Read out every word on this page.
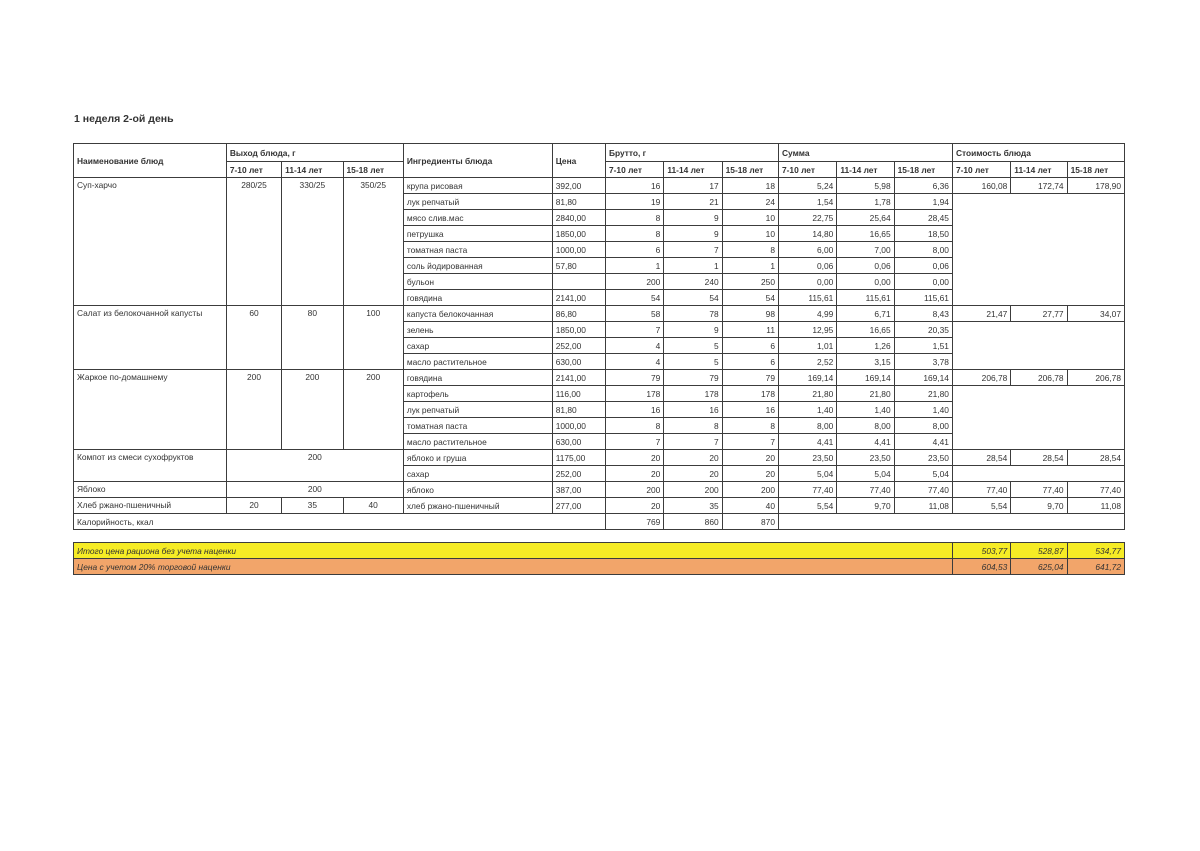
1 неделя 2-ой день
Наименование блюд	Выход блюда, г			Ингредиенты блюда	Цена	Брутто, г			Сумма			Стоимость блюда		
	7-10 лет	11-14 лет	15-18 лет			7-10 лет	11-14 лет	15-18 лет	7-10 лет	11-14 лет	15-18 лет	7-10 лет	11-14 лет	15-18 лет
Суп-харчо	280/25	330/25	350/25	крупа рисовая	392,00	16	17	18	5,24	5,98	6,36	160,08	172,74	178,90
				лук репчатый	81,80	19	21	24	1,54	1,78	1,94			
				мясо слив.мас	2840,00	8	9	10	22,75	25,64	28,45			
				петрушка	1850,00	8	9	10	14,80	16,65	18,50			
				томатная паста	1000,00	6	7	8	6,00	7,00	8,00			
				соль йодированная	57,80	1	1	1	0,06	0,06	0,06			
				бульон		200	240	250	0,00	0,00	0,00			
				говядина	2141,00	54	54	54	115,61	115,61	115,61			
Салат из белокочанной капусты	60	80	100	капуста белокочанная	86,80	58	78	98	4,99	6,71	8,43	21,47	27,77	34,07
				зелень	1850,00	7	9	11	12,95	16,65	20,35			
				сахар	252,00	4	5	6	1,01	1,26	1,51			
				масло растительное	630,00	4	5	6	2,52	3,15	3,78			
Жаркое по-домашнему	200	200	200	говядина	2141,00	79	79	79	169,14	169,14	169,14	206,78	206,78	206,78
				картофель	116,00	178	178	178	21,80	21,80	21,80			
				лук репчатый	81,80	16	16	16	1,40	1,40	1,40			
				томатная паста	1000,00	8	8	8	8,00	8,00	8,00			
				масло растительное	630,00	7	7	7	4,41	4,41	4,41			
Компот из смеси сухофруктов	200			яблоко и груша	1175,00	20	20	20	23,50	23,50	23,50	28,54	28,54	28,54
				сахар	252,00	20	20	20	5,04	5,04	5,04			
Яблоко	200			яблоко	387,00	200	200	200	77,40	77,40	77,40	77,40	77,40	77,40
Хлеб ржано-пшеничный	20	35	40	хлеб ржано-пшеничный	277,00	20	35	40	5,54	9,70	11,08	5,54	9,70	11,08
Калорийность, ккал						769	860	870						

Итого цена рациона без учета наценки												503,77	528,87	534,77
Цена с учетом 20% торговой наценки												604,53	625,04	641,72
